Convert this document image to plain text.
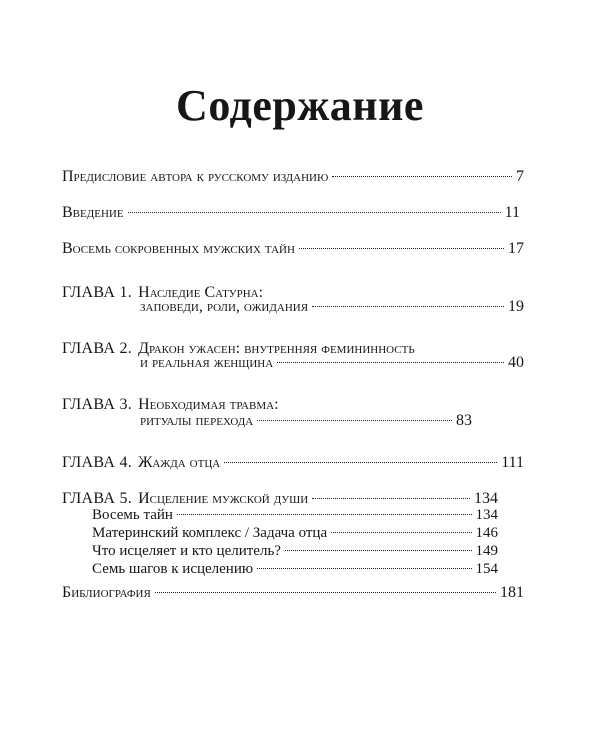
Содержание
Предисловие автора к русскому изданию	7
Введение	11
Восемь сокровенных мужских тайн	17
ГЛАВА 1. Наследие Сатурна:
заповеди, роли, ожидания	19
ГЛАВА 2. Дракон ужасен: внутренняя фемининность
и реальная женщина	40
ГЛАВА 3. Необходимая травма:
ритуалы перехода	83
ГЛАВА 4. Жажда отца	111
ГЛАВА 5. Исцеление мужской души	134
Восемь тайн	134
Материнский комплекс / Задача отца	146
Что исцеляет и кто целитель?	149
Семь шагов к исцелению	154
Библиография	181
